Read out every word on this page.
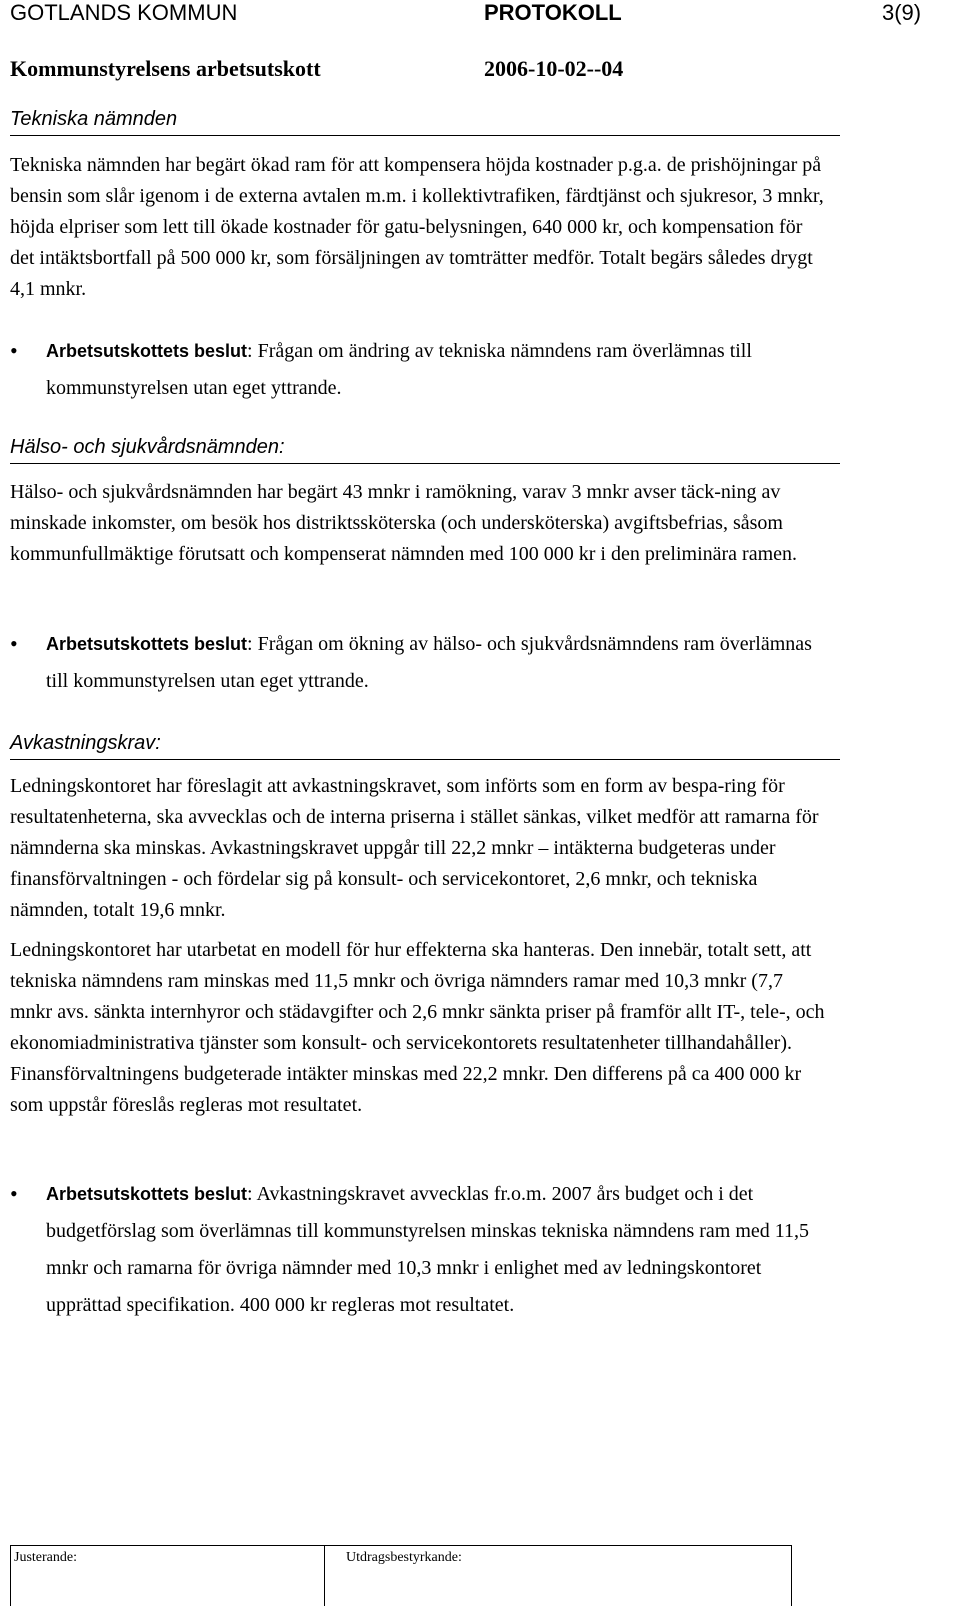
GOTLANDS KOMMUN	PROTOKOLL	3(9)
Kommunstyrelsens arbetsutskott	2006-10-02--04
Tekniska nämnden

Tekniska nämnden har begärt ökad ram för att kompensera höjda kostnader p.g.a. de prishöjningar på bensin som slår igenom i de externa avtalen m.m. i kollektivtrafiken, färdtjänst och sjukresor, 3 mnkr, höjda elpriser som lett till ökade kostnader för gatu-belysningen, 640 000 kr, och kompensation för det intäktsbortfall på 500 000 kr, som försäljningen av tomträtter medför. Totalt begärs således drygt 4,1 mnkr.

• Arbetsutskottets beslut: Frågan om ändring av tekniska nämndens ram överlämnas till kommunstyrelsen utan eget yttrande.
Hälso- och sjukvårdsnämnden:

Hälso- och sjukvårdsnämnden har begärt 43 mnkr i ramökning, varav 3 mnkr avser täck-ning av minskade inkomster, om besök hos distriktssköterska (och undersköterska) avgiftsbefrias, såsom kommunfullmäktige förutsatt och kompenserat nämnden med 100 000 kr i den preliminära ramen.

• Arbetsutskottets beslut: Frågan om ökning av hälso- och sjukvårdsnämndens ram överlämnas till kommunstyrelsen utan eget yttrande.
Avkastningskrav:

Ledningskontoret har föreslagit att avkastningskravet, som införts som en form av bespa-ring för resultatenheterna, ska avvecklas och de interna priserna i stället sänkas, vilket medför att ramarna för nämnderna ska minskas. Avkastningskravet uppgår till 22,2 mnkr – intäkterna budgeteras under finansförvaltningen - och fördelar sig på konsult- och servicekontoret, 2,6 mnkr, och tekniska nämnden, totalt 19,6 mnkr.

Ledningskontoret har utarbetat en modell för hur effekterna ska hanteras. Den innebär, totalt sett, att tekniska nämndens ram minskas med 11,5 mnkr och övriga nämnders ramar med 10,3 mnkr (7,7 mnkr avs. sänkta internhyror och städavgifter och 2,6 mnkr sänkta priser på framför allt IT-, tele-, och ekonomiadministrativa tjänster som konsult- och servicekontorets resultatenheter tillhandahåller). Finansförvaltningens budgeterade intäkter minskas med 22,2 mnkr. Den differens på ca 400 000 kr som uppstår föreslås regleras mot resultatet.

• Arbetsutskottets beslut: Avkastningskravet avvecklas fr.o.m. 2007 års budget och i det budgetförslag som överlämnas till kommunstyrelsen minskas tekniska nämndens ram med 11,5 mnkr och ramarna för övriga nämnder med 10,3 mnkr i enlighet med av ledningskontoret upprättad specifikation. 400 000 kr regleras mot resultatet.
Justerande:	Utdragsbestyrkande:
